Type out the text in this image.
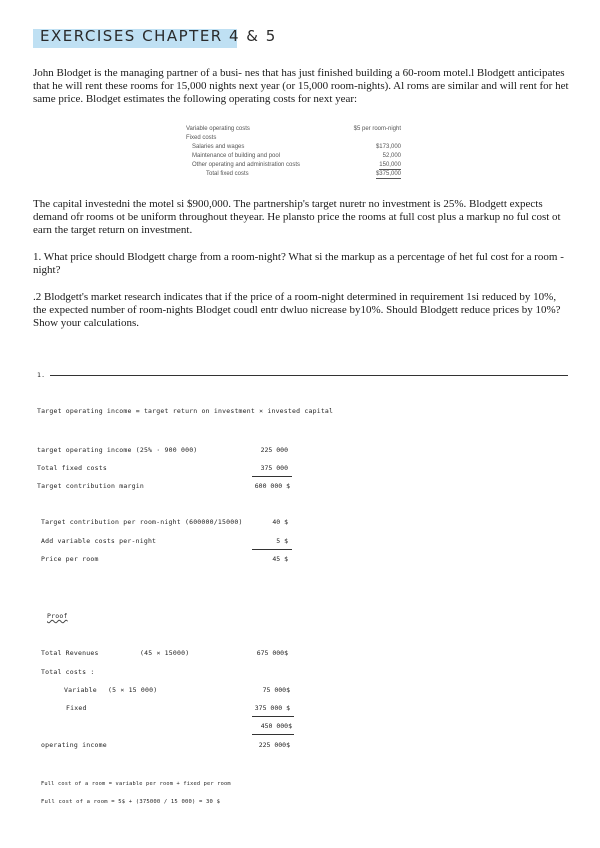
EXERCISES CHAPTER 4 & 5
John Blodget is the managing partner of a busi- nes that has just finished building a 60-room motel.l Blodgett anticipates that he will rent these rooms for 15,000 nights next year (or 15,000 room-nights). Al roms are similar and will rent for het same price. Blodget estimates the following operating costs for next year:
Variable operating costs	$5 per room-night
Fixed costs
Salaries and wages	$173,000
Maintenance of building and pool	52,000
Other operating and administration costs	150,000
Total fixed costs	$375,000
The capital investedni the motel si $900,000. The partnership's target nuretr no investment is 25%. Blodgett expects demand ofr rooms ot be uniform throughout theyear. He plansto price the rooms at full cost plus a markup no ful cost ot earn the target return on investment.
1. What price should Blodgett charge from a room-night? What si the markup as a percentage of het ful cost for a room -night?
.2 Blodgett's market research indicates that if the price of a room-night determined in requirement 1si reduced by 10%, the expected number of room-nights Blodget coudl entr dwluo nicrease by10%. Should Blodgett reduce prices by 10%? Show your calculations.
1.
Target operating income = target return on investment × invested capital
target operating income (25% · 900 000)	225 000
Total fixed costs	375 000
Target contribution margin	600 000 $
Target contribution per room-night (600000/15000)	40 $
Add variable costs per-night	5 $
Price per room	45 $
Proof
Total Revenues	(45 × 15000)	675 000$
Total costs :
Variable (5 × 15 000)	75 000$
Fixed	375 000 $
450 000$
operating income	225 000$
Full cost of a room = variable per room + fixed per room
Full cost of a room = 5$ + (375000 / 15 000) = 30 $
